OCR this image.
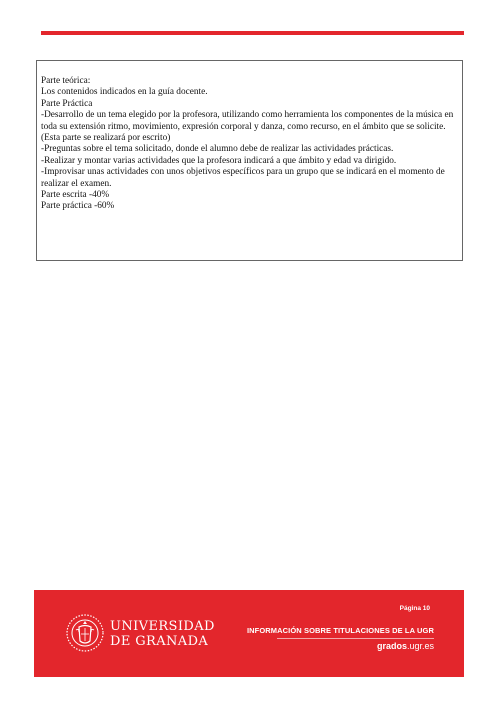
Parte teórica:

Los contenidos indicados en la guía docente.

Parte Práctica

-Desarrollo de un tema elegido por la profesora, utilizando como herramienta los componentes de la música en toda su extensión ritmo, movimiento, expresión corporal y danza, como recurso, en el ámbito que se solicite. (Esta parte se realizará por escrito)

-Preguntas sobre el tema solicitado, donde el alumno debe de realizar las actividades prácticas.

-Realizar y montar varias actividades que la profesora indicará a que ámbito y edad va dirigido.

-Improvisar unas actividades con unos objetivos específicos para un grupo que se indicará en el momento de realizar el examen.

Parte escrita -40%

Parte práctica -60%

UNIVERSIDAD
DE GRANADA
Página 10
INFORMACIÓN SOBRE TITULACIONES DE LA UGR
grados.ugr.es
